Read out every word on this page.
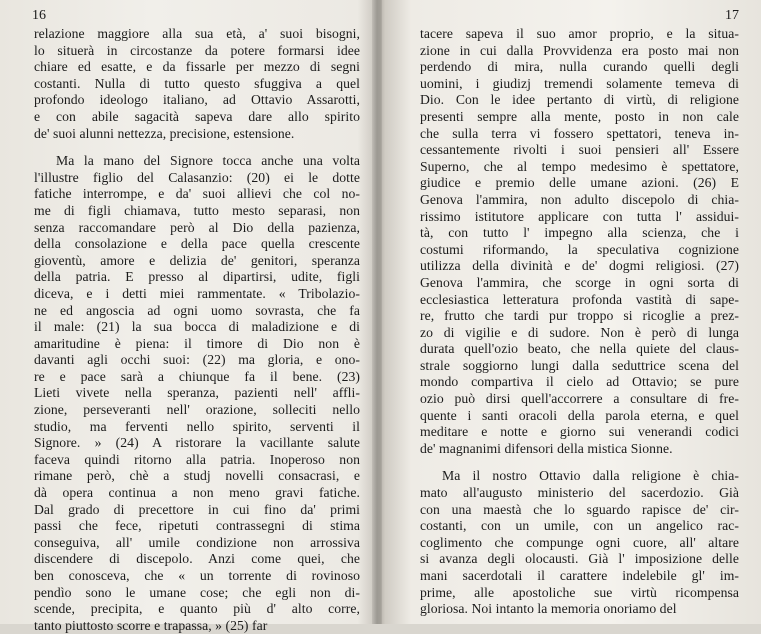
16

relazione maggiore alla sua età, a' suoi bisogni,
lo situerà in circostanze da potere formarsi idee
chiare ed esatte, e da fissarle per mezzo di segni
costanti. Nulla di tutto questo sfuggiva a quel
profondo ideologo italiano, ad Ottavio Assarotti,
e con abile sagacità sapeva dare allo spirito
de' suoi alunni nettezza, precisione, estensione.

Ma la mano del Signore tocca anche una volta
l'illustre figlio del Calasanzio: (20) ei le dotte
fatiche interrompe, e da' suoi allievi che col no-
me di figli chiamava, tutto mesto separasi, non
senza raccomandare però al Dio della pazienza,
della consolazione e della pace quella crescente
gioventù, amore e delizia de' genitori, speranza
della patria. E presso al dipartirsi, udite, figli
diceva, e i detti miei rammentate. « Tribolazio-
ne ed angoscia ad ogni uomo sovrasta, che fa
il male: (21) la sua bocca di maladizione e di
amaritudine è piena: il timore di Dio non è
davanti agli occhi suoi: (22) ma gloria, e ono-
re e pace sarà a chiunque fa il bene. (23)
Lieti vivete nella speranza, pazienti nell' affli-
zione, perseveranti nell' orazione, solleciti nello
studio, ma ferventi nello spirito, serventi il
Signore. » (24) A ristorare la vacillante salute
faceva quindi ritorno alla patria. Inoperoso non
rimane però, chè a studj novelli consacrasi, e
dà opera continua a non meno gravi fatiche.
Dal grado di precettore in cui fino da' primi
passi che fece, ripetuti contrassegni di stima
conseguiva, all' umile condizione non arrossiva
discendere di discepolo. Anzi come quei, che
ben conosceva, che « un torrente di rovinoso
pendìo sono le umane cose; che egli non di-
scende, precipita, e quanto più d' alto corre,
tanto piuttosto scorre e trapassa, » (25) far

17

tacere sapeva il suo amor proprio, e la situa-
zione in cui dalla Provvidenza era posto mai non
perdendo di mira, nulla curando quelli degli
uomini, i giudizj tremendi solamente temeva di
Dio. Con le idee pertanto di virtù, di religione
presenti sempre alla mente, posto in non cale
che sulla terra vi fossero spettatori, teneva in-
cessantemente rivolti i suoi pensieri all' Essere
Superno, che al tempo medesimo è spettatore,
giudice e premio delle umane azioni. (26) E
Genova l'ammira, non adulto discepolo di chia-
rissimo istitutore applicare con tutta l' assidui-
tà, con tutto l' impegno alla scienza, che i
costumi riformando, la speculativa cognizione
utilizza della divinità e de' dogmi religiosi. (27)
Genova l'ammira, che scorge in ogni sorta di
ecclesiastica letteratura profonda vastità di sape-
re, frutto che tardi pur troppo si ricoglie a prez-
zo di vigilie e di sudore. Non è però di lunga
durata quell'ozio beato, che nella quiete del claus-
strale soggiorno lungi dalla seduttrice scena del
mondo compartiva il cielo ad Ottavio; se pure
ozio può dirsi quell'accorrere a consultare di fre-
quente i santi oracoli della parola eterna, e quel
meditare e notte e giorno sui venerandi codici
de' magnanimi difensori della mistica Sionne.

Ma il nostro Ottavio dalla religione è chia-
mato all'augusto ministerio del sacerdozio. Già
con una maestà che lo sguardo rapisce de' cir-
costanti, con un umile, con un angelico rac-
coglimento che compunge ogni cuore, all' altare
si avanza degli olocausti. Già l' imposizione delle
mani sacerdotali il carattere indelebile gl' im-
prime, alle apostoliche sue virtù ricompensa
gloriosa. Noi intanto la memoria onoriamo del
